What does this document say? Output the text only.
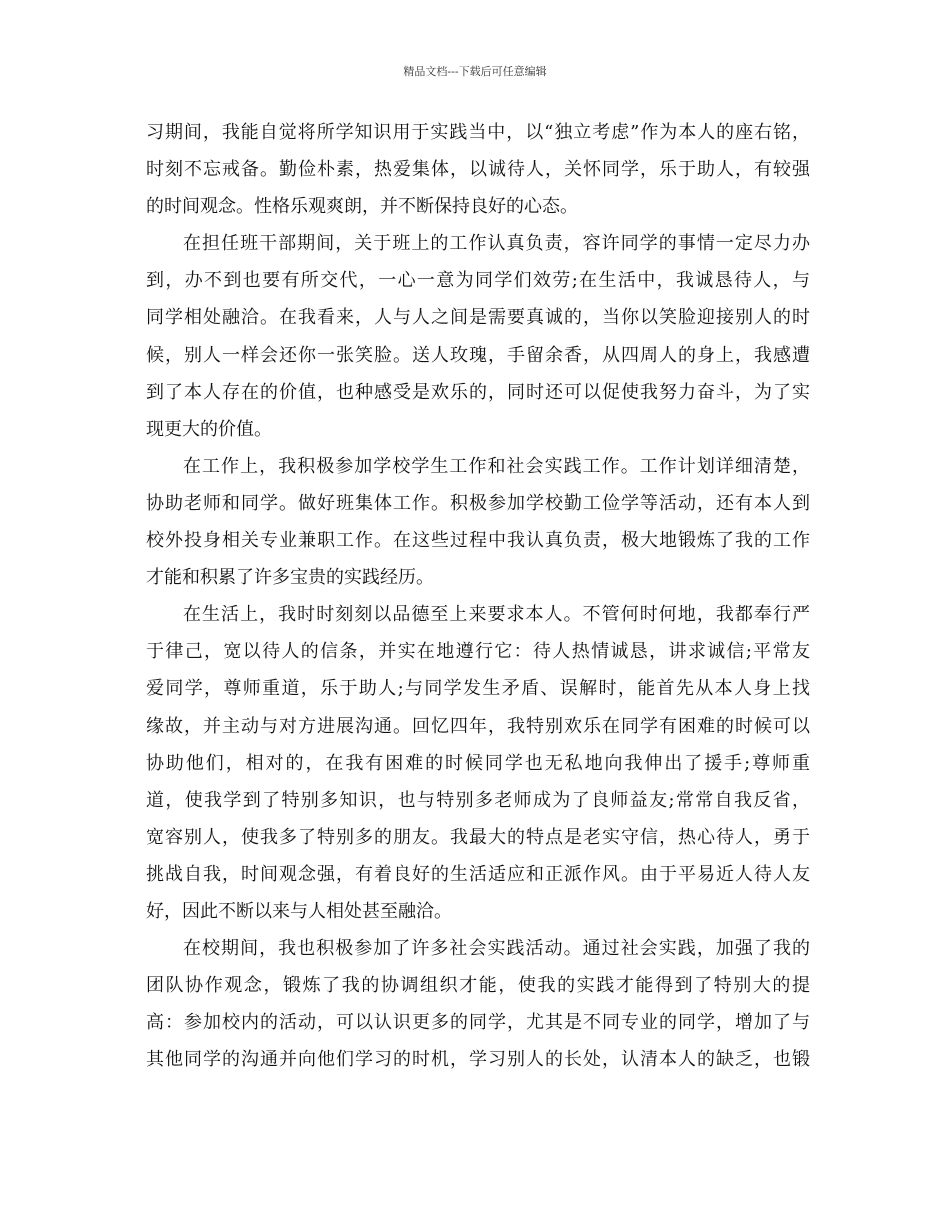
精品文档---下载后可任意编辑
习期间，我能自觉将所学知识用于实践当中，以“独立考虑”作为本人的座右铭，
时刻不忘戒备。勤俭朴素，热爱集体，以诚待人，关怀同学，乐于助人，有较强
的时间观念。性格乐观爽朗，并不断保持良好的心态。
在担任班干部期间，关于班上的工作认真负责，容许同学的事情一定尽力办
到，办不到也要有所交代，一心一意为同学们效劳;在生活中，我诚恳待人，与
同学相处融洽。在我看来，人与人之间是需要真诚的，当你以笑脸迎接别人的时
候，别人一样会还你一张笑脸。送人玫瑰，手留余香，从四周人的身上，我感遭
到了本人存在的价值，也种感受是欢乐的，同时还可以促使我努力奋斗，为了实
现更大的价值。
在工作上，我积极参加学校学生工作和社会实践工作。工作计划详细清楚，
协助老师和同学。做好班集体工作。积极参加学校勤工俭学等活动，还有本人到
校外投身相关专业兼职工作。在这些过程中我认真负责，极大地锻炼了我的工作
才能和积累了许多宝贵的实践经历。
在生活上，我时时刻刻以品德至上来要求本人。不管何时何地，我都奉行严
于律己，宽以待人的信条，并实在地遵行它：待人热情诚恳，讲求诚信;平常友
爱同学，尊师重道，乐于助人;与同学发生矛盾、误解时，能首先从本人身上找
缘故，并主动与对方进展沟通。回忆四年，我特别欢乐在同学有困难的时候可以
协助他们，相对的，在我有困难的时候同学也无私地向我伸出了援手;尊师重
道，使我学到了特别多知识，也与特别多老师成为了良师益友;常常自我反省，
宽容别人，使我多了特别多的朋友。我最大的特点是老实守信，热心待人，勇于
挑战自我，时间观念强，有着良好的生活适应和正派作风。由于平易近人待人友
好，因此不断以来与人相处甚至融洽。
在校期间，我也积极参加了许多社会实践活动。通过社会实践，加强了我的
团队协作观念，锻炼了我的协调组织才能，使我的实践才能得到了特别大的提
高：参加校内的活动，可以认识更多的同学，尤其是不同专业的同学，增加了与
其他同学的沟通并向他们学习的时机，学习别人的长处，认清本人的缺乏，也锻
